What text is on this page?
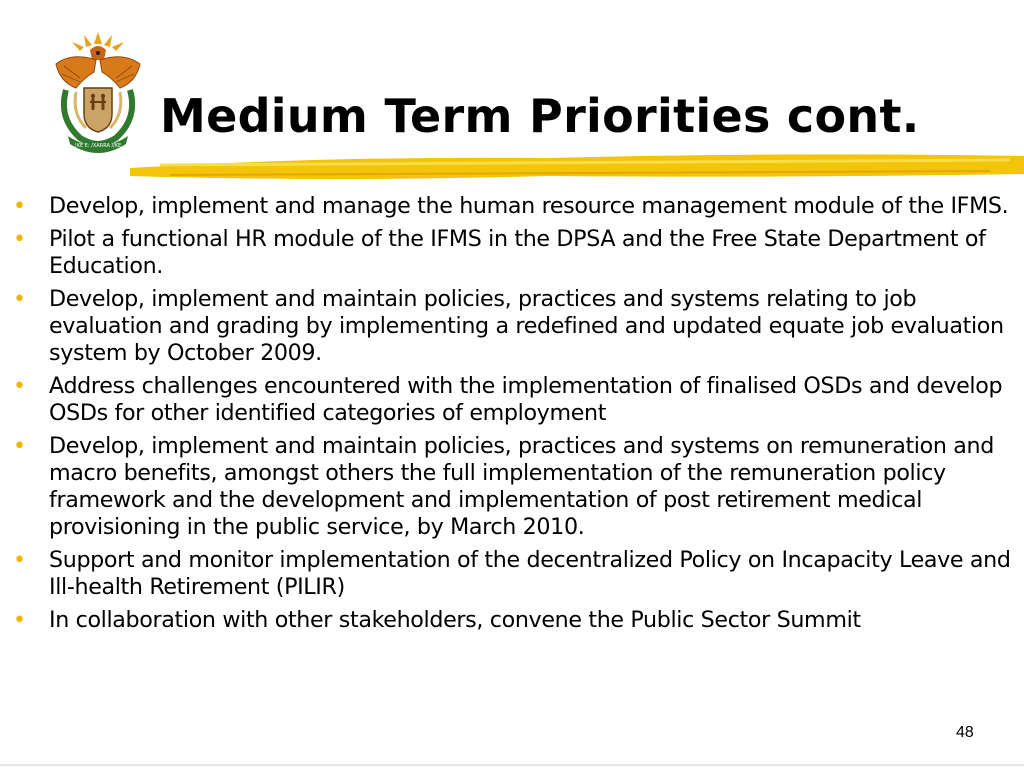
!KE E: /XARRA //KE
Medium Term Priorities cont.
• Develop, implement and manage the human resource management module of the IFMS.
• Pilot a functional HR module of the IFMS in the DPSA and the Free State Department of Education.
• Develop, implement and maintain policies, practices and systems relating to job evaluation and grading by implementing a redefined and updated equate job evaluation system by October 2009.
• Address challenges encountered with the implementation of finalised OSDs and develop OSDs for other identified categories of employment
• Develop, implement and maintain policies, practices and systems on remuneration and macro benefits, amongst others the full implementation of the remuneration policy framework and the development and implementation of post retirement medical provisioning in the public service, by March 2010.
• Support and monitor implementation of the decentralized Policy on Incapacity Leave and Ill-health Retirement (PILIR)
• In collaboration with other stakeholders, convene the Public Sector Summit
48
